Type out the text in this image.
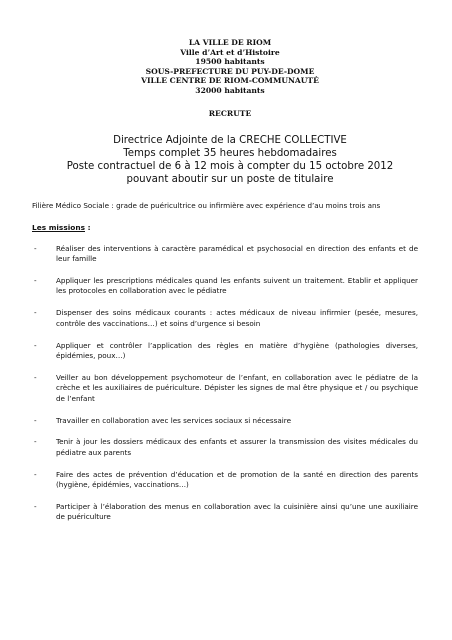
LA VILLE DE RIOM
Ville d’Art et d’Histoire
19500 habitants
SOUS-PREFECTURE DU PUY-DE-DOME
VILLE CENTRE DE RIOM-COMMUNAUTÉ
32000 habitants
RECRUTE
Directrice Adjointe de la CRECHE COLLECTIVE
Temps complet 35 heures hebdomadaires
Poste contractuel de 6 à 12 mois à compter du 15 octobre 2012
pouvant aboutir sur un poste de titulaire
Filière Médico Sociale : grade de puéricultrice ou infirmière avec expérience d’au moins trois ans
Les missions :
-	Réaliser des interventions à caractère paramédical et psychosocial en direction des enfants et de leur famille
-	Appliquer les prescriptions médicales quand les enfants suivent un traitement. Etablir et appliquer les protocoles en collaboration avec le pédiatre
-	Dispenser des soins médicaux courants : actes médicaux de niveau infirmier (pesée, mesures, contrôle des vaccinations…) et soins d’urgence si besoin
-	Appliquer et contrôler l’application des règles en matière d’hygiène (pathologies diverses, épidémies, poux…)
-	Veiller au bon développement psychomoteur de l’enfant, en collaboration avec le pédiatre de la crèche et les auxiliaires de puériculture. Dépister les signes de mal être physique et / ou psychique de l’enfant
-	Travailler en collaboration avec les services sociaux si nécessaire
-	Tenir à jour les dossiers médicaux des enfants et assurer la transmission des visites médicales du pédiatre aux parents
-	Faire des actes de prévention d’éducation et de promotion de la santé en direction des parents (hygiène, épidémies, vaccinations…)
-	Participer à l’élaboration des menus en collaboration avec la cuisinière ainsi qu’une une auxiliaire de puériculture
